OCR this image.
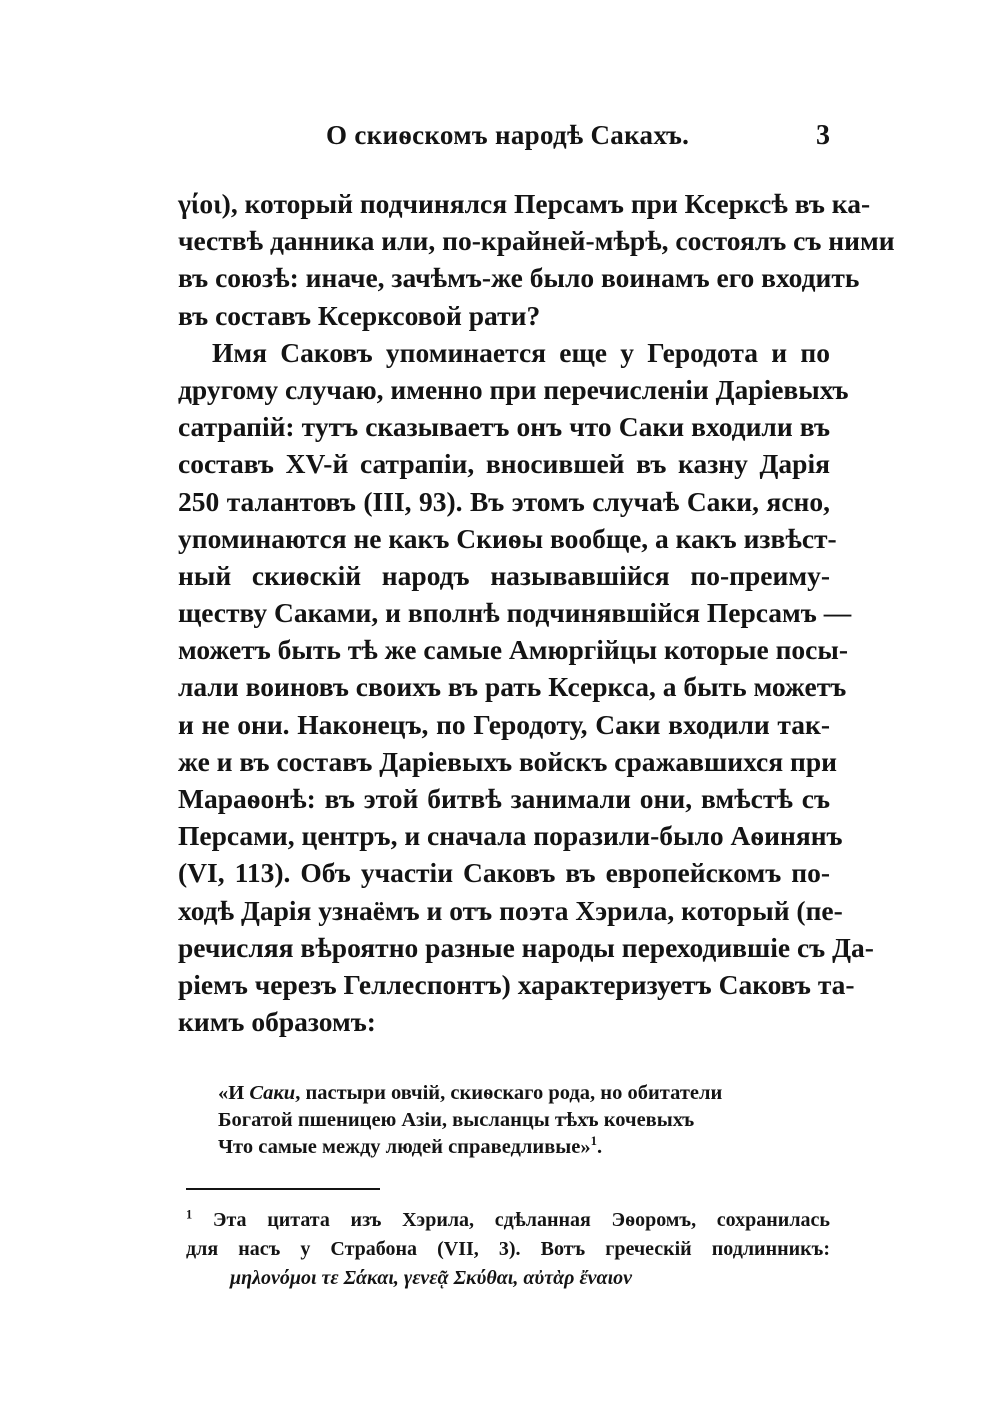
О скиѳскомъ народѣ Сакахъ.	3
γίοι), который подчинялся Персамъ при Ксерксѣ въ ка-
чествѣ данника или, по-крайней-мѣрѣ, состоялъ съ ними
въ союзѣ: иначе, зачѣмъ-же было воинамъ его входить
въ составъ Ксерксовой рати?
Имя Саковъ упоминается еще у Геродота и по
другому случаю, именно при перечисленіи Даріевыхъ
сатрапій: тутъ сказываетъ онъ что Саки входили въ
составъ XV-й сатрапіи, вносившей въ казну Дарія
250 талантовъ (III, 93). Въ этомъ случаѣ Саки, ясно,
упоминаются не какъ Скиѳы вообще, а какъ извѣст-
ный скиѳскій народъ называвшійся по-преиму-
ществу Саками, и вполнѣ подчинявшійся Персамъ —
можетъ быть тѣ же самые Амюргійцы которые посы-
лали воиновъ своихъ въ рать Ксеркса, а быть можетъ
и не они. Наконецъ, по Геродоту, Саки входили так-
же и въ составъ Даріевыхъ войскъ сражавшихся при
Мараѳонѣ: въ этой битвѣ занимали они, вмѣстѣ съ
Персами, центръ, и сначала поразили-было Аѳинянъ
(VI, 113). Объ участіи Саковъ въ европейскомъ по-
ходѣ Дарія узнаёмъ и отъ поэта Хэрила, который (пе-
речисляя вѣроятно разные народы переходившіе съ Да-
ріемъ черезъ Геллеспонтъ) характеризуетъ Саковъ та-
кимъ образомъ:
«И Саки, пастыри овчій, скиѳскаго рода, но обитатели
Богатой пшеницею Азіи, высланцы тѣхъ кочевыхъ
Что самые между людей справедливые»$^1$.
$^1$ Эта цитата изъ Хэрила, сдѣланная Эѳоромъ, сохранилась
для насъ у Страбона (VII, 3). Вотъ греческій подлинникъ:
μηλονόμοι τε Σάκαι, γενεᾷ Σκύθαι, αὐτὰρ ἔναιον
